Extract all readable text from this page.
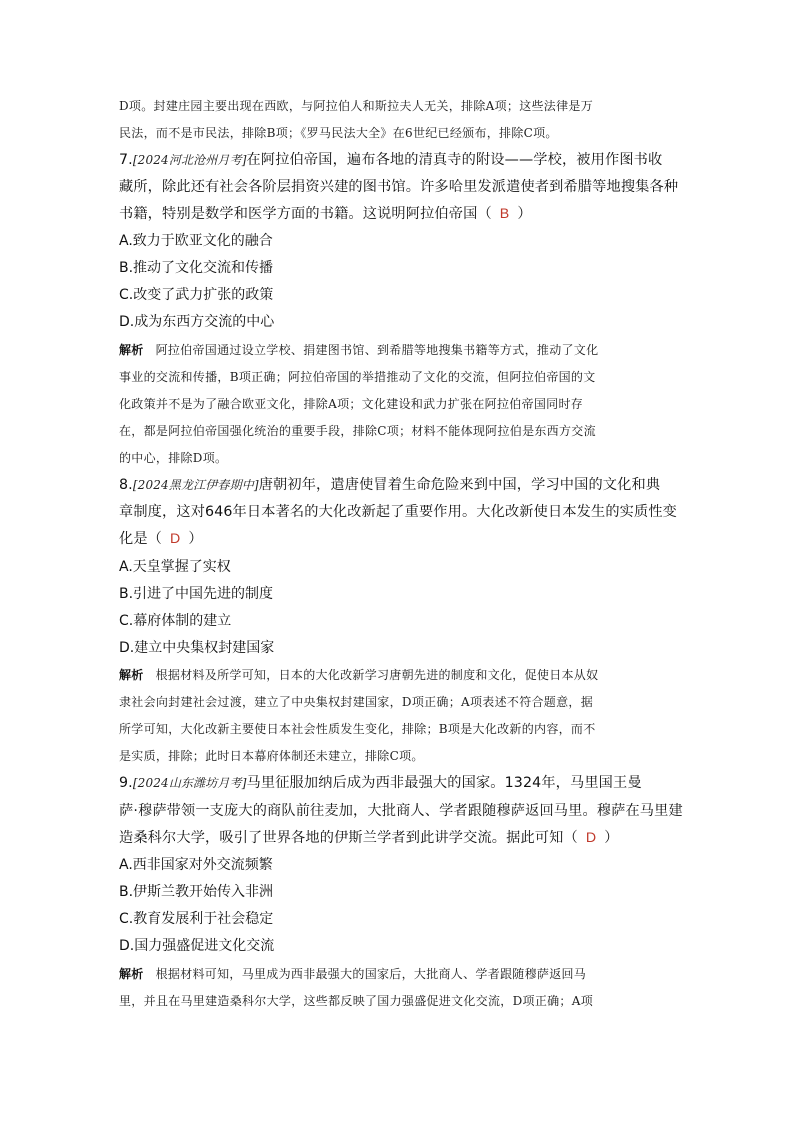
D项。封建庄园主要出现在西欧，与阿拉伯人和斯拉夫人无关，排除A项；这些法律是万
民法，而不是市民法，排除B项；《罗马民法大全》在6世纪已经颁布，排除C项。
7.[2024河北沧州月考]在阿拉伯帝国，遍布各地的清真寺的附设——学校，被用作图书收
藏所，除此还有社会各阶层捐资兴建的图书馆。许多哈里发派遣使者到希腊等地搜集各种
书籍，特别是数学和医学方面的书籍。这说明阿拉伯帝国（ B ）
A.致力于欧亚文化的融合
B.推动了文化交流和传播
C.改变了武力扩张的政策
D.成为东西方交流的中心
解析 阿拉伯帝国通过设立学校、捐建图书馆、到希腊等地搜集书籍等方式，推动了文化
事业的交流和传播，B项正确；阿拉伯帝国的举措推动了文化的交流，但阿拉伯帝国的文
化政策并不是为了融合欧亚文化，排除A项；文化建设和武力扩张在阿拉伯帝国同时存
在，都是阿拉伯帝国强化统治的重要手段，排除C项；材料不能体现阿拉伯是东西方交流
的中心，排除D项。
8.[2024黑龙江伊春期中]唐朝初年，遣唐使冒着生命危险来到中国，学习中国的文化和典
章制度，这对646年日本著名的大化改新起了重要作用。大化改新使日本发生的实质性变
化是（ D ）
A.天皇掌握了实权
B.引进了中国先进的制度
C.幕府体制的建立
D.建立中央集权封建国家
解析 根据材料及所学可知，日本的大化改新学习唐朝先进的制度和文化，促使日本从奴
隶社会向封建社会过渡，建立了中央集权封建国家，D项正确；A项表述不符合题意，据
所学可知，大化改新主要使日本社会性质发生变化，排除；B项是大化改新的内容，而不
是实质，排除；此时日本幕府体制还未建立，排除C项。
9.[2024山东潍坊月考]马里征服加纳后成为西非最强大的国家。1324年，马里国王曼
萨·穆萨带领一支庞大的商队前往麦加，大批商人、学者跟随穆萨返回马里。穆萨在马里建
造桑科尔大学，吸引了世界各地的伊斯兰学者到此讲学交流。据此可知（ D ）
A.西非国家对外交流频繁
B.伊斯兰教开始传入非洲
C.教育发展利于社会稳定
D.国力强盛促进文化交流
解析 根据材料可知，马里成为西非最强大的国家后，大批商人、学者跟随穆萨返回马
里，并且在马里建造桑科尔大学，这些都反映了国力强盛促进文化交流，D项正确；A项
